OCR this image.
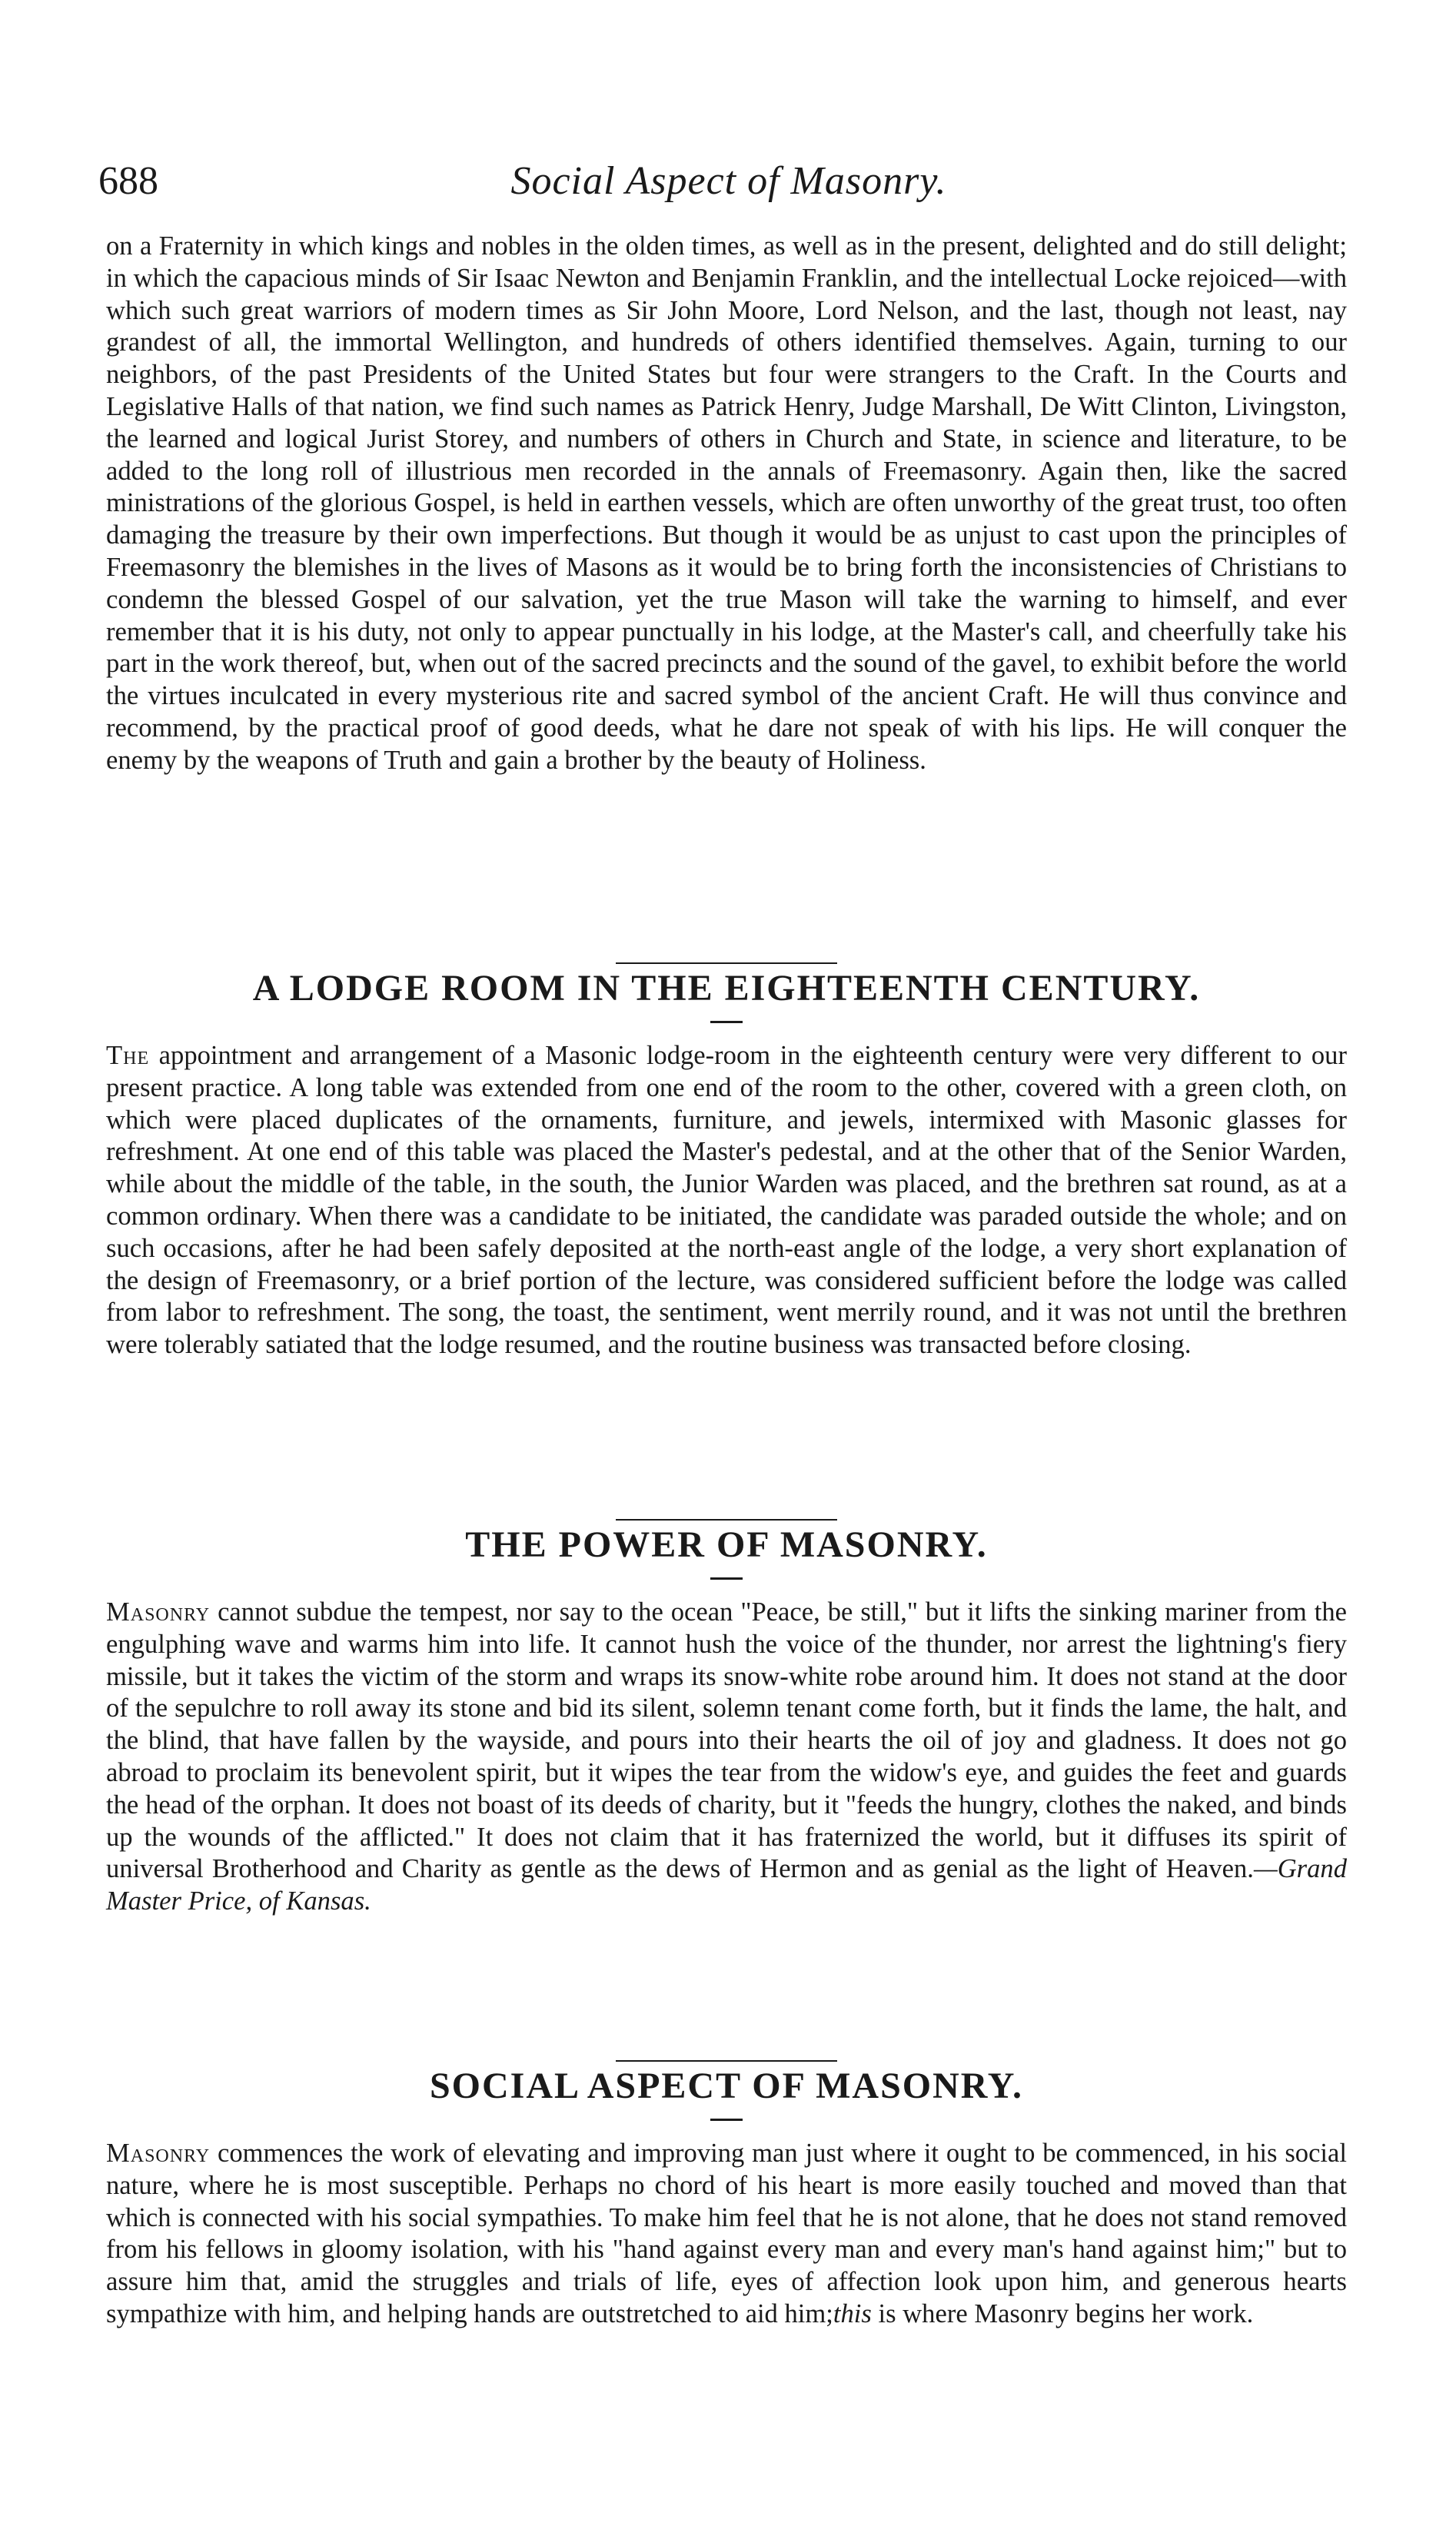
688	Social Aspect of Masonry.

on a Fraternity in which kings and nobles in the olden times, as well as in the present, delighted and do still delight; in which the capacious minds of Sir Isaac Newton and Benjamin Franklin, and the intellectual Locke rejoiced—with which such great warriors of modern times as Sir John Moore, Lord Nelson, and the last, though not least, nay grandest of all, the immortal Wellington, and hundreds of others identified themselves. Again, turning to our neighbors, of the past Presidents of the United States but four were strangers to the Craft. In the Courts and Legislative Halls of that nation, we find such names as Patrick Henry, Judge Marshall, De Witt Clinton, Livingston, the learned and logical Jurist Storey, and numbers of others in Church and State, in science and literature, to be added to the long roll of illustrious men recorded in the annals of Freemasonry. Again then, like the sacred ministrations of the glorious Gospel, is held in earthen vessels, which are often unworthy of the great trust, too often damaging the treasure by their own imperfections. But though it would be as unjust to cast upon the principles of Freemasonry the blemishes in the lives of Masons as it would be to bring forth the inconsistencies of Christians to condemn the blessed Gospel of our salvation, yet the true Mason will take the warning to himself, and ever remember that it is his duty, not only to appear punctually in his lodge, at the Master's call, and cheerfully take his part in the work thereof, but, when out of the sacred precincts and the sound of the gavel, to exhibit before the world the virtues inculcated in every mysterious rite and sacred symbol of the ancient Craft. He will thus convince and recommend, by the practical proof of good deeds, what he dare not speak of with his lips. He will conquer the enemy by the weapons of Truth and gain a brother by the beauty of Holiness.

A LODGE ROOM IN THE EIGHTEENTH CENTURY.

The appointment and arrangement of a Masonic lodge-room in the eighteenth century were very different to our present practice. A long table was extended from one end of the room to the other, covered with a green cloth, on which were placed duplicates of the ornaments, furniture, and jewels, intermixed with Masonic glasses for refreshment. At one end of this table was placed the Master's pedestal, and at the other that of the Senior Warden, while about the middle of the table, in the south, the Junior Warden was placed, and the brethren sat round, as at a common ordinary. When there was a candidate to be initiated, the candidate was paraded outside the whole; and on such occasions, after he had been safely deposited at the north-east angle of the lodge, a very short explanation of the design of Freemasonry, or a brief portion of the lecture, was considered sufficient before the lodge was called from labor to refreshment. The song, the toast, the sentiment, went merrily round, and it was not until the brethren were tolerably satiated that the lodge resumed, and the routine business was transacted before closing.

THE POWER OF MASONRY.

Masonry cannot subdue the tempest, nor say to the ocean "Peace, be still," but it lifts the sinking mariner from the engulphing wave and warms him into life. It cannot hush the voice of the thunder, nor arrest the lightning's fiery missile, but it takes the victim of the storm and wraps its snow-white robe around him. It does not stand at the door of the sepulchre to roll away its stone and bid its silent, solemn tenant come forth, but it finds the lame, the halt, and the blind, that have fallen by the wayside, and pours into their hearts the oil of joy and gladness. It does not go abroad to proclaim its benevolent spirit, but it wipes the tear from the widow's eye, and guides the feet and guards the head of the orphan. It does not boast of its deeds of charity, but it "feeds the hungry, clothes the naked, and binds up the wounds of the afflicted." It does not claim that it has fraternized the world, but it diffuses its spirit of universal Brotherhood and Charity as gentle as the dews of Hermon and as genial as the light of Heaven.—Grand Master Price, of Kansas.

SOCIAL ASPECT OF MASONRY.

Masonry commences the work of elevating and improving man just where it ought to be commenced, in his social nature, where he is most susceptible. Perhaps no chord of his heart is more easily touched and moved than that which is connected with his social sympathies. To make him feel that he is not alone, that he does not stand removed from his fellows in gloomy isolation, with his "hand against every man and every man's hand against him;" but to assure him that, amid the struggles and trials of life, eyes of affection look upon him, and generous hearts sympathize with him, and helping hands are outstretched to aid him;this is where Masonry begins her work.
